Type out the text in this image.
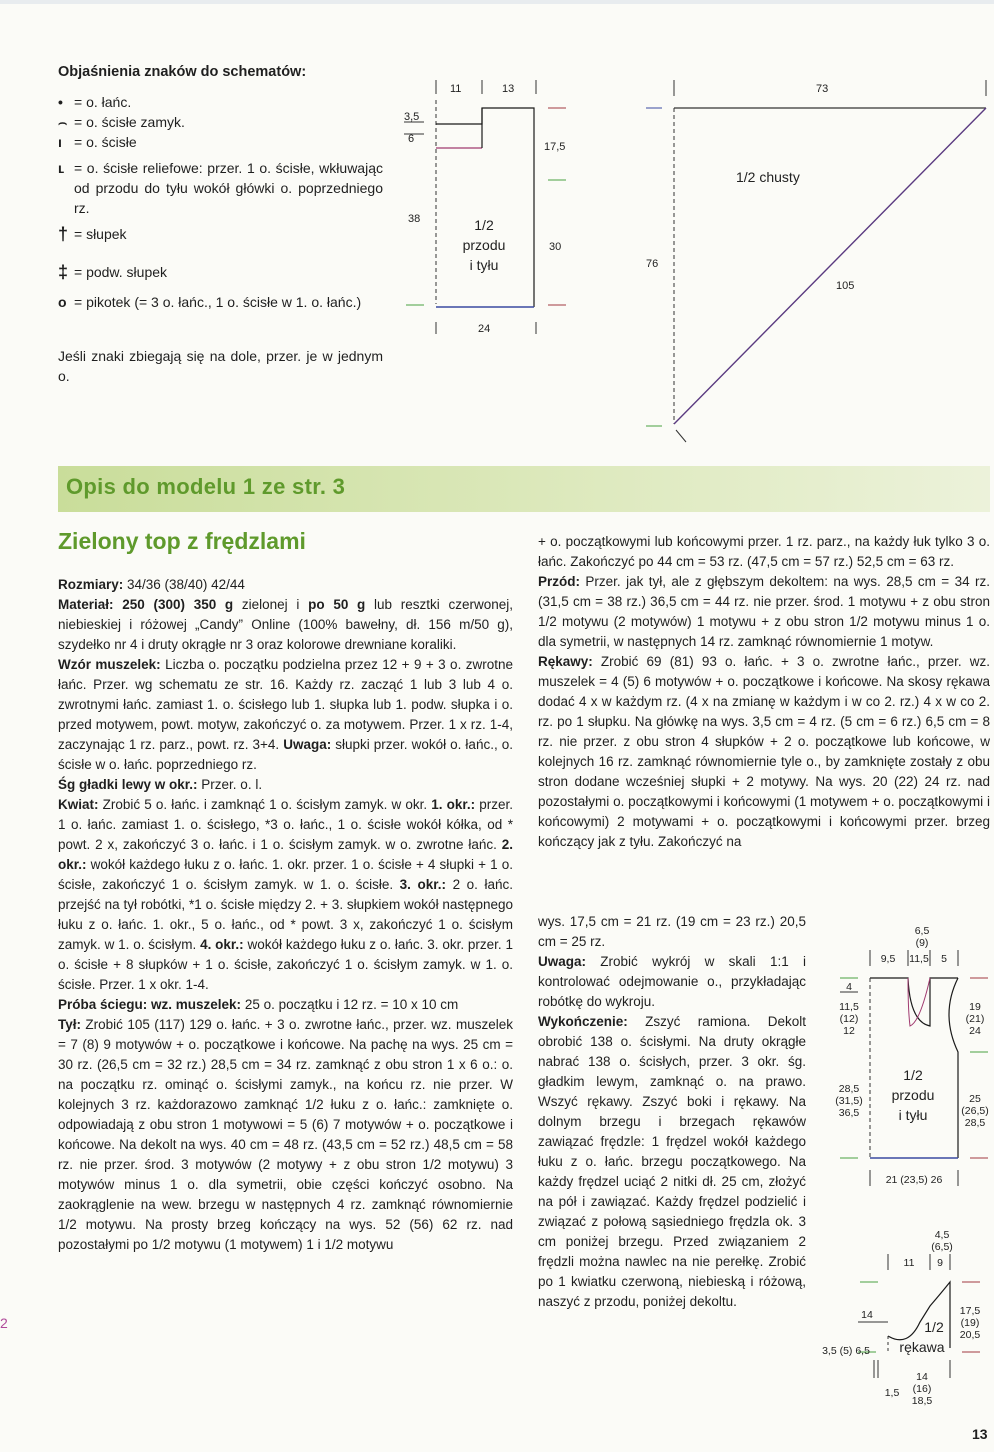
Objaśnienia znaków do schematów:
• = o. łańc.
⌢ = o. ścisłe zamyk.
ı = o. ścisłe
ʟ = o. ścisłe reliefowe: przer. 1 o. ścisłe, wkłuwając od przodu do tyłu wokół główki o. poprzedniego rz.
† = słupek
‡ = podw. słupek
o = pikotek (= 3 o. łańc., 1 o. ścisłe w 1. o. łańc.)
Jeśli znaki zbiegają się na dole, przer. je w jednym o.
11	13
3,5
6
38
17,5
30
24
1/2
przodu
i tyłu
73
76
105
1/2 chusty
Opis do modelu 1 ze str. 3
Zielony top z frędzlami

Rozmiary: 34/36 (38/40) 42/44

Materiał: 250 (300) 350 g zielonej i po 50 g lub resztki czerwonej, niebieskiej i różowej „Candy” Online (100% bawełny, dł. 156 m/50 g), szydełko nr 4 i druty okrągłe nr 3 oraz kolorowe drewniane koraliki.

Wzór muszelek: Liczba o. początku podzielna przez 12 + 9 + 3 o. zwrotne łańc. Przer. wg schematu ze str. 16. Każdy rz. zacząć 1 lub 3 lub 4 o. zwrotnymi łańc. zamiast 1. o. ścisłego lub 1. słupka lub 1. podw. słupka i o. przed motywem, powt. motyw, zakończyć o. za motywem. Przer. 1 x rz. 1-4, zaczynając 1 rz. parz., powt. rz. 3+4. Uwaga: słupki przer. wokół o. łańc., o. ścisłe w o. łańc. poprzedniego rz.

Śg gładki lewy w okr.: Przer. o. l.

Kwiat: Zrobić 5 o. łańc. i zamknąć 1 o. ścisłym zamyk. w okr. 1. okr.: przer. 1 o. łańc. zamiast 1. o. ścisłego, *3 o. łańc., 1 o. ścisłe wokół kółka, od * powt. 2 x, zakończyć 3 o. łańc. i 1 o. ścisłym zamyk. w o. zwrotne łańc. 2. okr.: wokół każdego łuku z o. łańc. 1. okr. przer. 1 o. ścisłe + 4 słupki + 1 o. ścisłe, zakończyć 1 o. ścisłym zamyk. w 1. o. ścisłe. 3. okr.: 2 o. łańc. przejść na tył robótki, *1 o. ścisłe między 2. + 3. słupkiem wokół następnego łuku z o. łańc. 1. okr., 5 o. łańc., od * powt. 3 x, zakończyć 1 o. ścisłym zamyk. w 1. o. ścisłym. 4. okr.: wokół każdego łuku z o. łańc. 3. okr. przer. 1 o. ścisłe + 8 słupków + 1 o. ścisłe, zakończyć 1 o. ścisłym zamyk. w 1. o. ścisłe. Przer. 1 x okr. 1-4.

Próba ściegu: wz. muszelek: 25 o. początku i 12 rz. = 10 x 10 cm

Tył: Zrobić 105 (117) 129 o. łańc. + 3 o. zwrotne łańc., przer. wz. muszelek = 7 (8) 9 motywów + o. początkowe i końcowe. Na pachę na wys. 25 cm = 30 rz. (26,5 cm = 32 rz.) 28,5 cm = 34 rz. zamknąć z obu stron 1 x 6 o.: o. na początku rz. ominąć o. ścisłymi zamyk., na końcu rz. nie przer. W kolejnych 3 rz. każdorazowo zamknąć 1/2 łuku z o. łańc.: zamknięte o. odpowiadają z obu stron 1 motywowi = 5 (6) 7 motywów + o. początkowe i końcowe. Na dekolt na wys. 40 cm = 48 rz. (43,5 cm = 52 rz.) 48,5 cm = 58 rz. nie przer. środ. 3 motywów (2 motywy + z obu stron 1/2 motywu) 3 motywów minus 1 o. dla symetrii, obie części kończyć osobno. Na zaokrąglenie na wew. brzegu w następnych 4 rz. zamknąć równomiernie 1/2 motywu. Na prosty brzeg kończący na wys. 52 (56) 62 rz. nad pozostałymi po 1/2 motywu (1 motywem) 1 i 1/2 motywu

+ o. początkowymi lub końcowymi przer. 1 rz. parz., na każdy łuk tylko 3 o. łańc. Zakończyć po 44 cm = 53 rz. (47,5 cm = 57 rz.) 52,5 cm = 63 rz.

Przód: Przer. jak tył, ale z głębszym dekoltem: na wys. 28,5 cm = 34 rz. (31,5 cm = 38 rz.) 36,5 cm = 44 rz. nie przer. środ. 1 motywu + z obu stron 1/2 motywu (2 motywów) 1 motywu + z obu stron 1/2 motywu minus 1 o. dla symetrii, w następnych 14 rz. zamknąć równomiernie 1 motyw.

Rękawy: Zrobić 69 (81) 93 o. łańc. + 3 o. zwrotne łańc., przer. wz. muszelek = 4 (5) 6 motywów + o. początkowe i końcowe. Na skosy rękawa dodać 4 x w każdym rz. (4 x na zmianę w każdym i w co 2. rz.) 4 x w co 2. rz. po 1 słupku. Na główkę na wys. 3,5 cm = 4 rz. (5 cm = 6 rz.) 6,5 cm = 8 rz. nie przer. z obu stron 4 słupków + 2 o. początkowe lub końcowe, w kolejnych 16 rz. zamknąć równomiernie tyle o., by zamknięte zostały z obu stron dodane wcześniej słupki + 2 motywy. Na wys. 20 (22) 24 rz. nad pozostałymi o. początkowymi i końcowymi (1 motywem + o. początkowymi i końcowymi) 2 motywami + o. początkowymi i końcowymi przer. brzeg kończący jak z tyłu. Zakończyć na

wys. 17,5 cm = 21 rz. (19 cm = 23 rz.) 20,5 cm = 25 rz.

Uwaga: Zrobić wykrój w skali 1:1 i kontrolować odejmowanie o., przykładając robótkę do wykroju.

Wykończenie: Zszyć ramiona. Dekolt obrobić 138 o. ścisłymi. Na druty okrągłe nabrać 138 o. ścisłych, przer. 3 okr. śg. gładkim lewym, zamknąć o. na prawo. Wszyć rękawy. Zszyć boki i rękawy. Na dolnym brzegu i brzegach rękawów zawiązać frędzle: 1 frędzel wokół każdego łuku z o. łańc. brzegu początkowego. Na każdy frędzel uciąć 2 nitki dł. 25 cm, złożyć na pół i zawiązać. Każdy frędzel podzielić i związać z połową sąsiedniego frędzla ok. 3 cm poniżej brzegu. Przed związaniem 2 frędzli można nawlec na nie perełkę. Zrobić po 1 kwiatku czerwoną, niebieską i różową, naszyć z przodu, poniżej dekoltu.

6,5
(9)
11,5
9,5	5
4
11,5
(12)
12
28,5
(31,5)
36,5
19
(21)
24
25
(26,5)
28,5
21 (23,5) 26
1/2
przodu
i tyłu
4,5
(6,5)
9
11
14
3,5 (5) 6,5
17,5
(19)
20,5
1,5
14
(16)
18,5
1/2
rękawa
2
13
